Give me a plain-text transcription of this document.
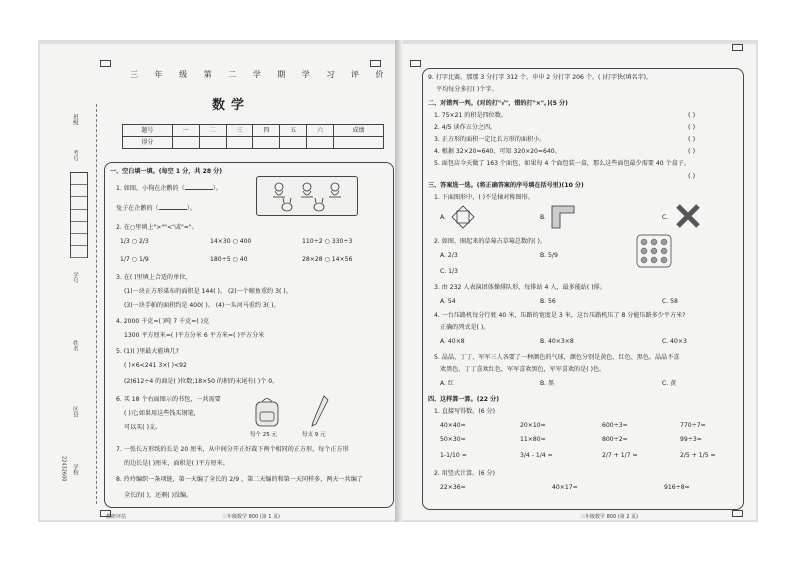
班级
考号
学号
姓名
区县
学校
22432600
三 年 级 第 二 学 期 学 习 评 价
数学
题号	一	二	三	四	五	六	成绩
得分							
一、空白填一填。(每空 1 分，共 28 分)
1. 如图，小狗在企鹅的（	）。
兔子在企鹅的（	）。
2. 在○里填上">""<"或"="。
1/3 ○ 2/3	14×30 ○ 400	110÷2 ○ 330÷3
1/7 ○ 1/9	180÷5 ○ 40	28×28 ○ 14×56
3. 在( )里填上合适的单位。
(1)一块正方形桌布的面积是 144( )。 (2)一个鲸鱼重约 3( )。
(3)一块手帕的面积约是 400( )。 (4)一头河马重约 3( )。
4. 2000 千克=( )吨 7 千克=( )克
1300 平方厘米=( )平方分米 6 平方米=( )平方分米
5. (1)( )里最大能填几?
( )×6<241 3×( )<92
(2)612÷4 的商是( )位数;18×50 的积的末尾有( )个 0。
6. 买 18 个右面图示的书包，一共需要
( )元;如果用这些钱买钢笔，
可以买( )支。
每个 25 元	每支 9 元
7. 一张长方形纸的长是 20 厘米，从中间分开正好裁下两个相同的正方形，每个正方形
的边长是( )厘米，面积是( )平方厘米。
8. 玲玲编织一条项链，第一天编了全长的 2/9 ，第二天编的和第一天同样多，两天一共编了
全长的( )，还剩( )没编。
教研评估	三年级数学 800 (第 1 页)
9. 打字比赛。那那 3 分打字 312 个，申申 2 分打字 206 个。( )打字快(填名字)，
平均每分多打( )个字。
二、对错判一判。(对的打"√"，错的打"×"。)(5 分)
1. 75×21 的积是四位数。	( )
2. 4/5 读作五分之四。	( )
3. 正方形的面积一定比长方形的面积小。	( )
4. 根据 32×20=640，可知 320×20=640。	( )
5. 面包店今天做了 163 个面包，如果每 4 个面包装一盒，那么这些面包最少需要 40 个盒子。
( )
三、答案选一选。(将正确答案的序号填在括号里)(10 分)
1. 下面图形中，( )不是轴对称图形。
A.	B.	C.
2. 如图，圈起来的草莓占草莓总数的( )。
A. 2/3	B. 5/9
C. 1/3
3. 由 232 人表演团体操排队形，每排站 4 人，最多能站( )排。
A. 54	B. 56	C. 58
4. 一台压路机每分行驶 40 米，压路的宽度是 3 米，这台压路机压了 8 分能压路多少平方米?
正确的列式是( )。
A. 40×8	B. 40×3×8	C. 40×3
5. 晶晶、丁丁、军军三人各要了一种颜色的气球，颜色分别是黄色、红色、黑色。晶晶不喜
欢黑色，丁丁喜欢红色，军军喜欢黑色，军军喜欢的是( )色。
A. 红	B. 黑	C. 黄
四、这样算一算。(22 分)
1. 直接写得数。(6 分)
40×40=	20×10=	600÷3=	770÷7=
50×30=	11×80=	800÷2=	99÷3=
1-1/10 =	3/4 - 1/4 =	2/7 + 1/7 =	2/5 + 1/5 =
2. 用竖式计算。(6 分)
22×36=	40×17=	916÷8=
三年级数学 800 (第 2 页)
